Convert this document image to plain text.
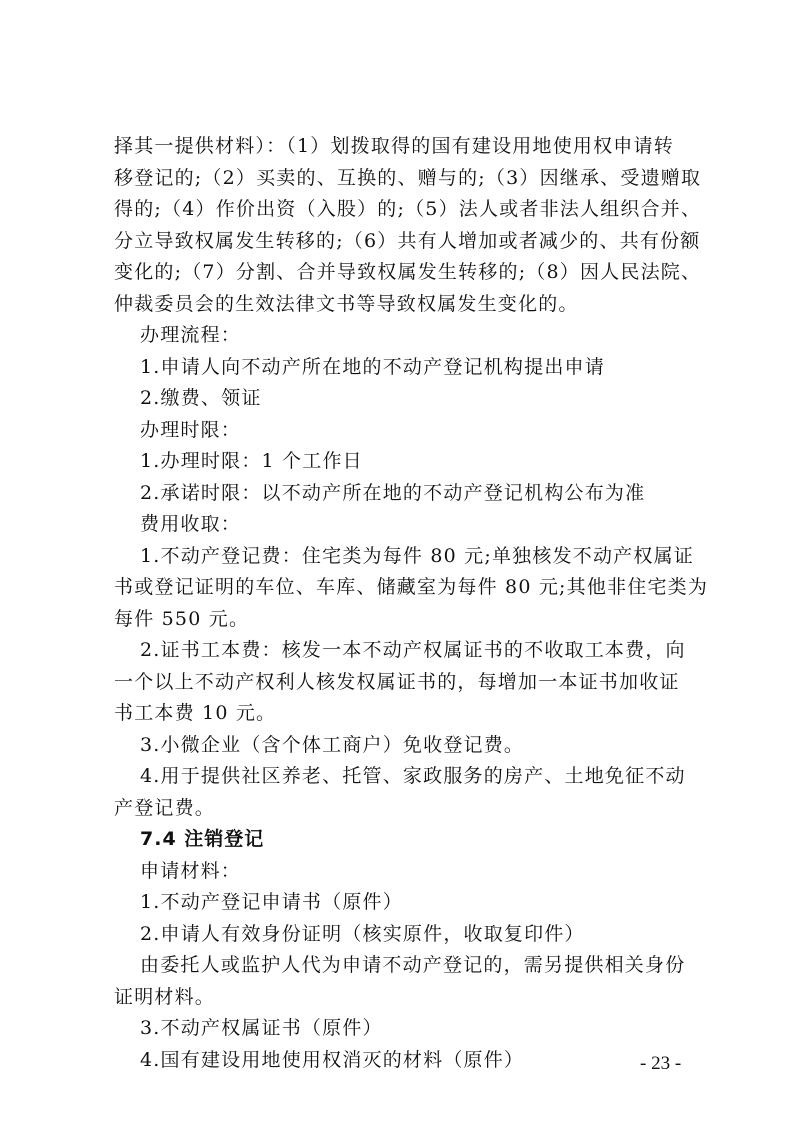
择其一提供材料）：（1）划拨取得的国有建设用地使用权申请转
移登记的;（2）买卖的、互换的、赠与的;（3）因继承、受遗赠取
得的;（4）作价出资（入股）的;（5）法人或者非法人组织合并、
分立导致权属发生转移的;（6）共有人增加或者减少的、共有份额
变化的;（7）分割、合并导致权属发生转移的;（8）因人民法院、
仲裁委员会的生效法律文书等导致权属发生变化的。
办理流程：
1.申请人向不动产所在地的不动产登记机构提出申请
2.缴费、领证
办理时限：
1.办理时限：1 个工作日
2.承诺时限：以不动产所在地的不动产登记机构公布为准
费用收取：
1.不动产登记费：住宅类为每件 80 元;单独核发不动产权属证
书或登记证明的车位、车库、储藏室为每件 80 元;其他非住宅类为
每件 550 元。
2.证书工本费：核发一本不动产权属证书的不收取工本费，向
一个以上不动产权利人核发权属证书的，每增加一本证书加收证
书工本费 10 元。
3.小微企业（含个体工商户）免收登记费。
4.用于提供社区养老、托管、家政服务的房产、土地免征不动
产登记费。
7.4 注销登记
申请材料：
1.不动产登记申请书（原件）
2.申请人有效身份证明（核实原件，收取复印件）
由委托人或监护人代为申请不动产登记的，需另提供相关身份
证明材料。
3.不动产权属证书（原件）
4.国有建设用地使用权消灭的材料（原件）	- 23 -
